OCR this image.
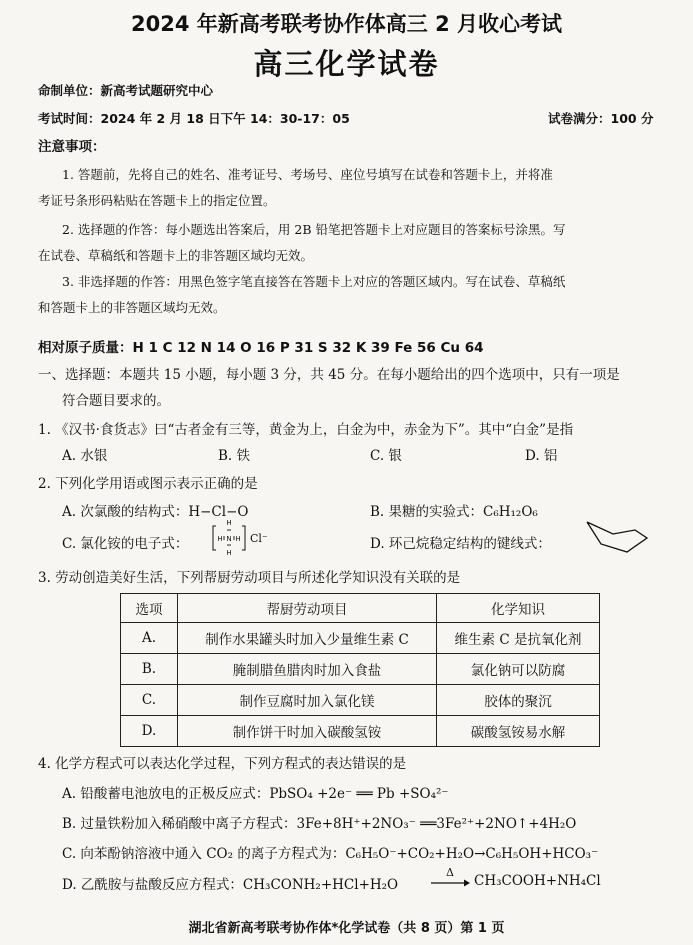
2024 年新高考联考协作体高三 2 月收心考试
高三化学试卷
命制单位：新高考试题研究中心
考试时间：2024 年 2 月 18 日下午 14：30-17：05	试卷满分：100 分
注意事项：
1. 答题前，先将自己的姓名、准考证号、考场号、座位号填写在试卷和答题卡上，并将准
考证号条形码粘贴在答题卡上的指定位置。
2. 选择题的作答：每小题选出答案后，用 2B 铅笔把答题卡上对应题目的答案标号涂黑。写
在试卷、草稿纸和答题卡上的非答题区域均无效。
3. 非选择题的作答：用黑色签字笔直接答在答题卡上对应的答题区域内。写在试卷、草稿纸
和答题卡上的非答题区域均无效。
相对原子质量：H 1 C 12 N 14 O 16 P 31 S 32 K 39 Fe 56 Cu 64
一、选择题：本题共 15 小题，每小题 3 分，共 45 分。在每小题给出的四个选项中，只有一项是
符合题目要求的。
1. 《汉书·食货志》曰“古者金有三等，黄金为上，白金为中，赤金为下”。其中“白金”是指
A. 水银	B. 铁	C. 银	D. 铝
2. 下列化学用语或图示表示正确的是
A. 次氯酸的结构式：H−Cl−O	B. 果糖的实验式：C₆H₁₂O₆
C. 氯化铵的电子式：
H
N
H
H H Cl⁻	D. 环己烷稳定结构的键线式：
3. 劳动创造美好生活，下列帮厨劳动项目与所述化学知识没有关联的是
选项	帮厨劳动项目	化学知识
A.	制作水果罐头时加入少量维生素 C	维生素 C 是抗氧化剂
B.	腌制腊鱼腊肉时加入食盐	氯化钠可以防腐
C.	制作豆腐时加入氯化镁	胶体的聚沉
D.	制作饼干时加入碳酸氢铵	碳酸氢铵易水解
4. 化学方程式可以表达化学过程，下列方程式的表达错误的是
A. 铅酸蓄电池放电的正极反应式：PbSO₄ +2e⁻ ══ Pb +SO₄²⁻
B. 过量铁粉加入稀硝酸中离子方程式：3Fe+8H⁺+2NO₃⁻ ══3Fe²⁺+2NO↑+4H₂O
C. 向苯酚钠溶液中通入 CO₂ 的离子方程式为：C₆H₅O⁻+CO₂+H₂O→C₆H₅OH+HCO₃⁻
D. 乙酰胺与盐酸反应方程式：CH₃CONH₂+HCl+H₂O
Δ
→ CH₃COOH+NH₄Cl
湖北省新高考联考协作体*化学试卷（共 8 页）第 1 页
